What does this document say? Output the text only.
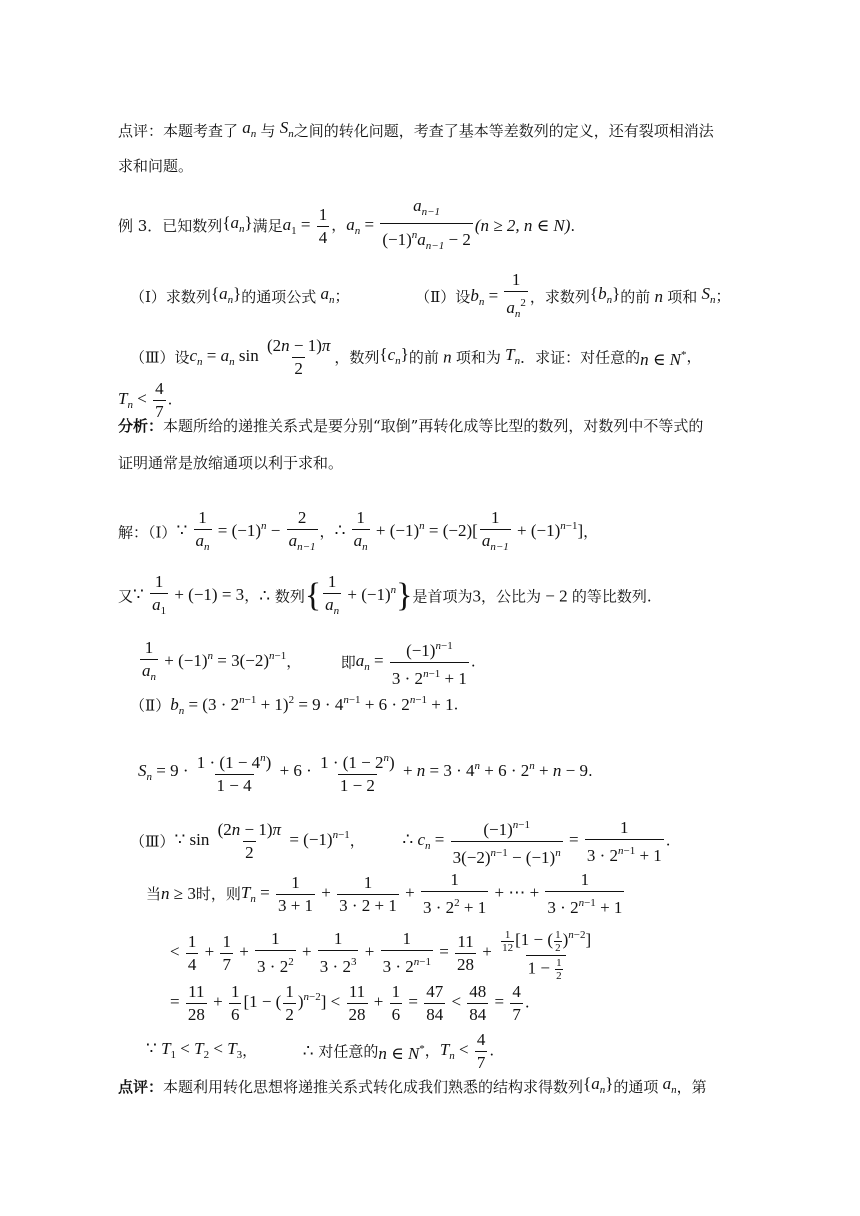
点评：本题考查了 $a_n$ 与 $S_n$之间的转化问题，考查了基本等差数列的定义，还有裂项相消法
求和问题。
例 3．已知数列$\{a_n\}$满足$a_1 = \frac{1}{4}$ ，$a_n = \frac{a_{n-1}}{(-1)^na_{n-1} - 2} (n \ge 2$, n ∈ N).
（Ⅰ）求数列$\{a_n\}$的通项公式 $a_n$；	（Ⅱ）设$b_n = \frac{1}{a_n^2}$ ，求数列$\{b_n\}$的前 n 项和 $S_n$；
（Ⅲ）设$c_n = a_n$ $\sin \frac{(2n - 1)\pi}{2}$ ，数列$\{c_n\}$的前 n 项和为 $T_n$．求证：对任意的n ∈ N*，
$T_n < \frac{4}{7}$ .
分析：本题所给的递推关系式是要分别“取倒”再转化成等比型的数列，对数列中不等式的
证明通常是放缩通项以利于求和。
解：（Ⅰ）∵ $\frac{1}{a_n} = (-1)^n - \frac{2}{a_{n-1}}$ ，∴ $\frac{1}{a_n} + (-1)^n = (-2)[ \frac{1}{a_{n-1}} + (-1)^{n-1}]$，
又∵ $\frac{1}{a_1} + (-1) = 3$，∴ 数列{ $\frac{1}{a_n} + (-1)^n$}是首项为3，公比为 − 2 的等比数列.
$\frac{1}{a_n} + (-1)^n = 3(-2)^{n-1}$，  即$a_n = \frac{(-1)^{n-1}}{3 \cdot 2^{n-1} + 1}$ .
$(Ⅱ)b_n = (3 \cdot 2^{n-1} + 1)^2 = 9 \cdot 4^{n-1} + 6 \cdot 2^{n-1} + 1$.
$S_n = 9 \cdot \frac{1 \cdot (1 - 4^n)}{1 - 4} + 6 \cdot \frac{1 \cdot (1 - 2^n)}{1 - 2} + n = 3 \cdot 4^n + 6 \cdot 2^n + n - 9$.
（Ⅲ）∵ $\sin \frac{(2n - 1)\pi}{2} = (-1)^{n-1}$，  ∴ $c_n = \frac{(-1)^{n-1}}{3(-2)^{n-1} - (-1)^n} = \frac{1}{3 \cdot 2^{n-1} + 1}$ .
当n ≥ 3时，则$T_n = \frac{1}{3 + 1} + \frac{1}{3 \cdot 2 + 1} + \frac{1}{3 \cdot 2^2 + 1}$ + ⋯ + $\frac{1}{3 \cdot 2^{n-1} + 1}$
< $\frac{1}{4} + \frac{1}{7} + \frac{1}{3 \cdot 2^2} + \frac{1}{3 \cdot 2^3} + \frac{1}{3 \cdot 2^{n-1}} = \frac{11}{28} + \frac{\frac{1}{12} [1 - ( \frac{1}{2} )^{n-2}]}{1 - \frac{1}{2}}$
= $\frac{11}{28} + \frac{1}{6} [1$ − ( $\frac{1}{2} )^{n-2}] < \frac{11}{28} + \frac{1}{6} = \frac{47}{84} < \frac{48}{84} = \frac{4}{7}$ .
∵ $T_1 < T_2 < T_3$，  ∴ 对任意的n ∈ N*，$T_n < \frac{4}{7}$ .
点评：本题利用转化思想将递推关系式转化成我们熟悉的结构求得数列$\{a_n\}$的通项 $a_n$，第
